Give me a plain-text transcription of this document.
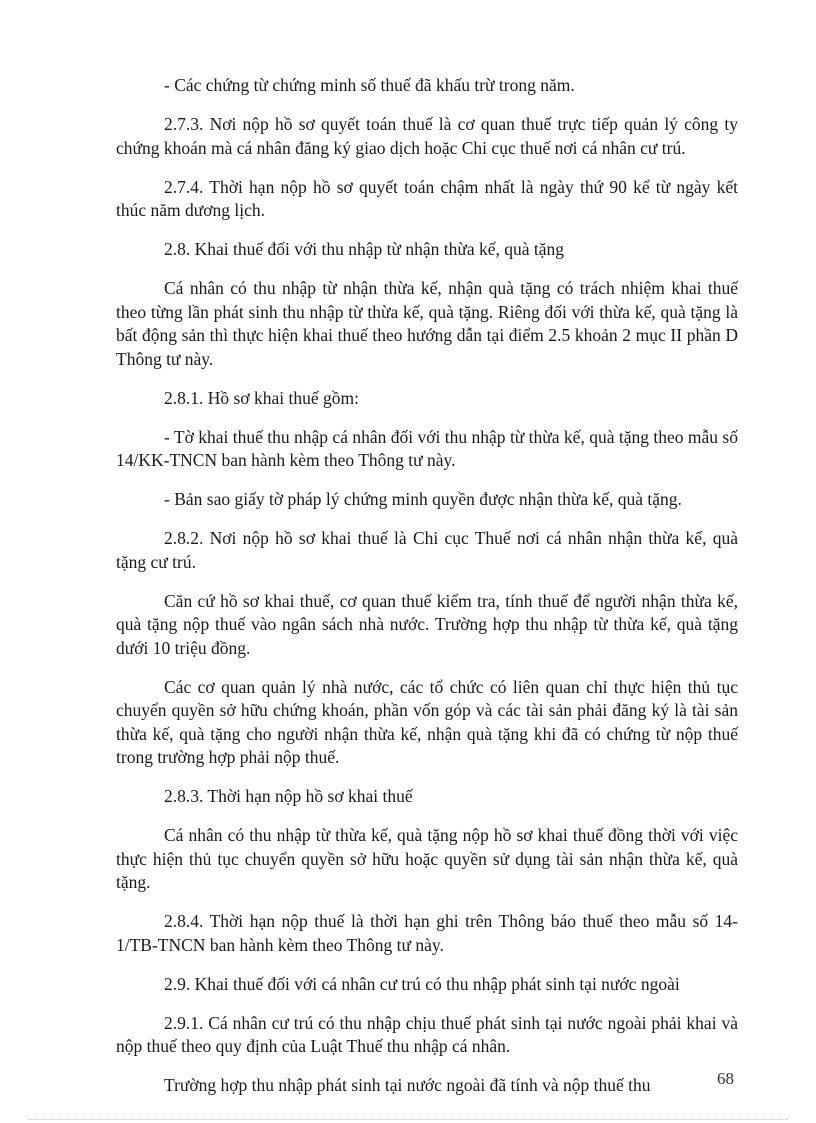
- Các chứng từ chứng minh số thuế đã khấu trừ trong năm.

2.7.3. Nơi nộp hồ sơ quyết toán thuế là cơ quan thuế trực tiếp quản lý công ty chứng khoán mà cá nhân đăng ký giao dịch hoặc Chi cục thuế nơi cá nhân cư trú.

2.7.4. Thời hạn nộp hồ sơ quyết toán chậm nhất là ngày thứ 90 kể từ ngày kết thúc năm dương lịch.

2.8. Khai thuế đối với thu nhập từ nhận thừa kế, quà tặng

Cá nhân có thu nhập từ nhận thừa kế, nhận quà tặng có trách nhiệm khai thuế theo từng lần phát sinh thu nhập từ thừa kế, quà tặng. Riêng đối với thừa kế, quà tặng là bất động sản thì thực hiện khai thuế theo hướng dẫn tại điểm 2.5 khoản 2 mục II phần D Thông tư này.

2.8.1. Hồ sơ khai thuế gồm:

- Tờ khai thuế thu nhập cá nhân đối với thu nhập từ thừa kế, quà tặng theo mẫu số 14/KK-TNCN ban hành kèm theo Thông tư này.

- Bản sao giấy tờ pháp lý chứng minh quyền được nhận thừa kế, quà tặng.

2.8.2. Nơi nộp hồ sơ khai thuế là Chi cục Thuế nơi cá nhân nhận thừa kế, quà tặng cư trú.

Căn cứ hồ sơ khai thuế, cơ quan thuế kiểm tra, tính thuế để người nhận thừa kế, quà tặng nộp thuế vào ngân sách nhà nước. Trường hợp thu nhập từ thừa kế, quà tặng dưới 10 triệu đồng.

Các cơ quan quản lý nhà nước, các tổ chức có liên quan chỉ thực hiện thủ tục chuyển quyền sở hữu chứng khoán, phần vốn góp và các tài sản phải đăng ký là tài sản thừa kế, quà tặng cho người nhận thừa kế, nhận quà tặng khi đã có chứng từ nộp thuế trong trường hợp phải nộp thuế.

2.8.3. Thời hạn nộp hồ sơ khai thuế

Cá nhân có thu nhập từ thừa kế, quà tặng nộp hồ sơ khai thuế đồng thời với việc thực hiện thủ tục chuyển quyền sở hữu hoặc quyền sử dụng tài sản nhận thừa kế, quà tặng.

2.8.4. Thời hạn nộp thuế là thời hạn ghi trên Thông báo thuế theo mẫu số 14-1/TB-TNCN ban hành kèm theo Thông tư này.

2.9. Khai thuế đối với cá nhân cư trú có thu nhập phát sinh tại nước ngoài

2.9.1. Cá nhân cư trú có thu nhập chịu thuế phát sinh tại nước ngoài phải khai và nộp thuế theo quy định của Luật Thuế thu nhập cá nhân.

Trường hợp thu nhập phát sinh tại nước ngoài đã tính và nộp thuế thu	68
